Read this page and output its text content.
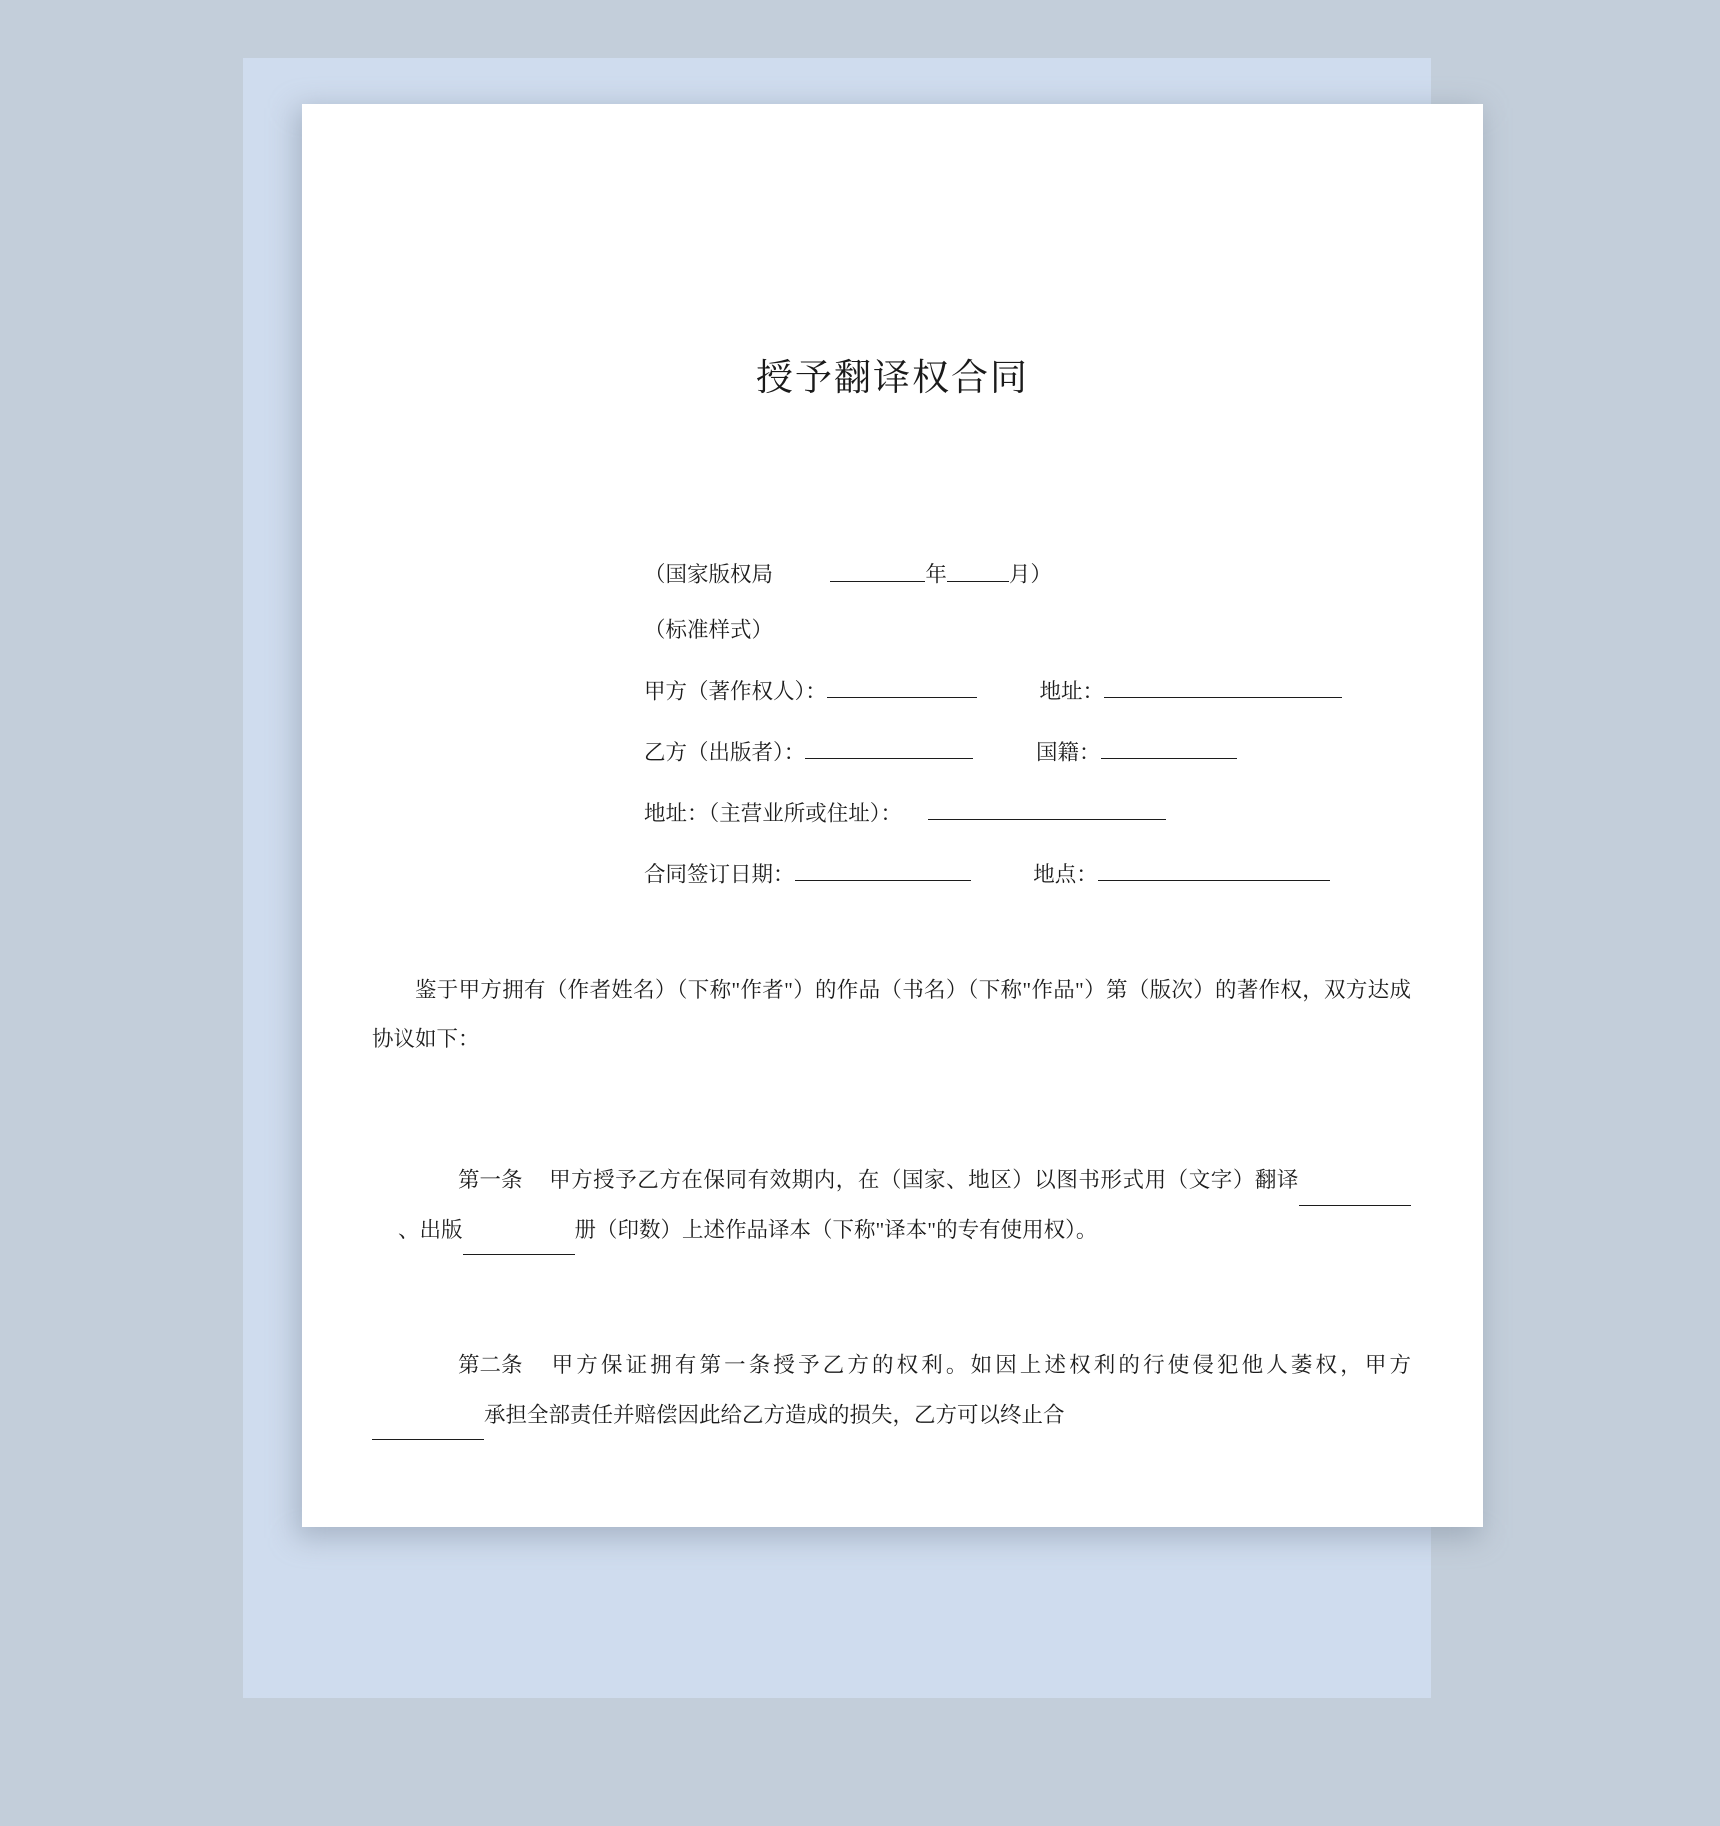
授予翻译权合同
（国家版权局	年	月）
（标准样式）
甲方（著作权人）：	地址：
乙方（出版者）：	国籍：
地址：（主营业所或住址）：
合同签订日期：	地点：

鉴于甲方拥有（作者姓名）（下称"作者"）的作品（书名）（下称"作品"）第（版次）的著作权，双方达成协议如下：

第一条 甲方授予乙方在保同有效期内，在（国家、地区）以图书形式用（文字）翻译、出版	册（印数）上述作品译本（下称"译本"的专有使用权）。

第二条 甲方保证拥有第一条授予乙方的权利。如因上述权利的行使侵犯他人萎权，甲方承担全部责任并赔偿因此给乙方造成的损失，乙方可以终止合
